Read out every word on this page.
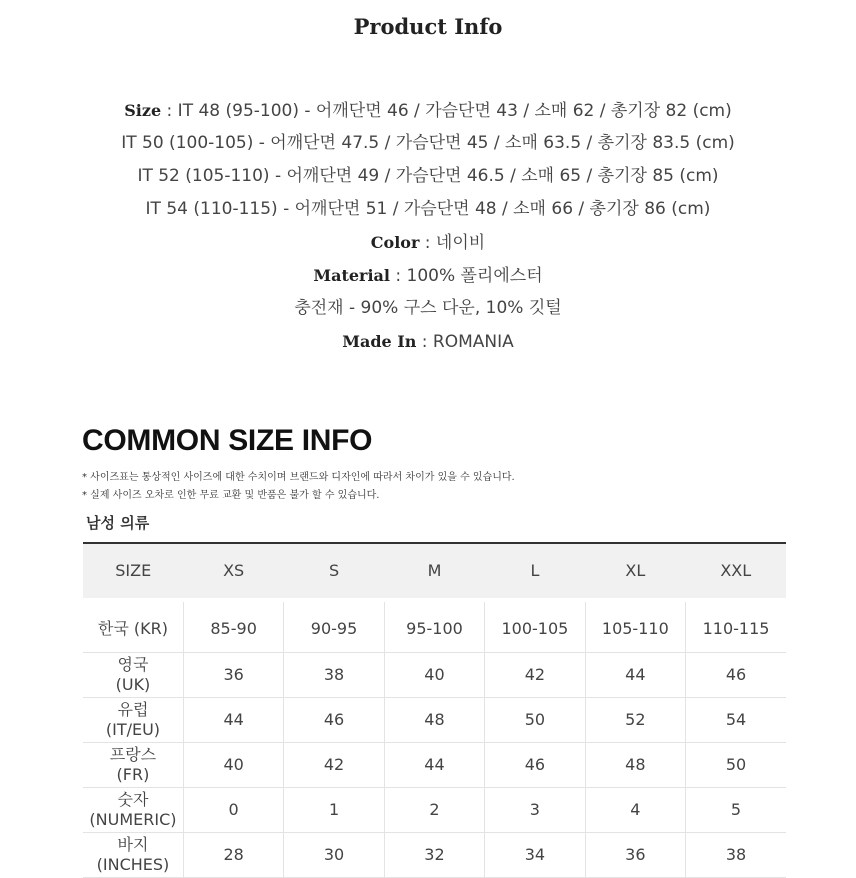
Product Info
Size : IT 48 (95-100) - 어깨단면 46 / 가슴단면 43 / 소매 62 / 총기장 82 (cm)
IT 50 (100-105) - 어깨단면 47.5 / 가슴단면 45 / 소매 63.5 / 총기장 83.5 (cm)
IT 52 (105-110) - 어깨단면 49 / 가슴단면 46.5 / 소매 65 / 총기장 85 (cm)
IT 54 (110-115) - 어깨단면 51 / 가슴단면 48 / 소매 66 / 총기장 86 (cm)
Color : 네이비
Material : 100% 폴리에스터
충전재 - 90% 구스 다운, 10% 깃털
Made In : ROMANIA
COMMON SIZE INFO
* 사이즈표는 통상적인 사이즈에 대한 수치이며 브랜드와 디자인에 따라서 차이가 있을 수 있습니다.
* 실제 사이즈 오차로 인한 무료 교환 및 반품은 불가 할 수 있습니다.
남성 의류
SIZE	XS	S	M	L	XL	XXL

한국 (KR)	85-90	90-95	95-100	100-105	105-110	110-115
영국
(UK)	36	38	40	42	44	46
유럽
(IT/EU)	44	46	48	50	52	54
프랑스
(FR)	40	42	44	46	48	50
숫자
(NUMERIC)	0	1	2	3	4	5
바지
(INCHES)	28	30	32	34	36	38
